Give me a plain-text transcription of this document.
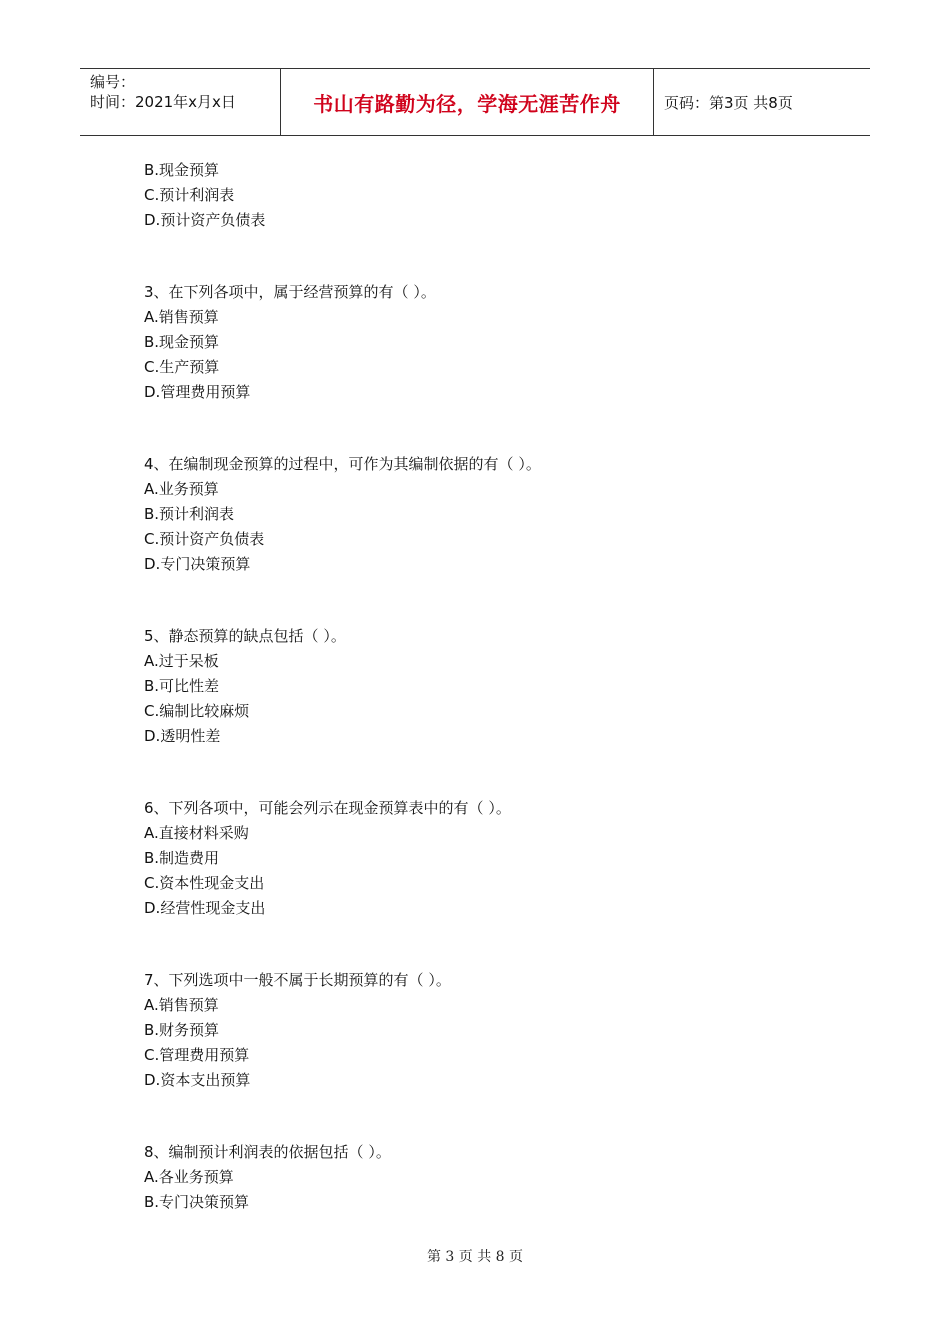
编号：
时间：2021年x月x日	书山有路勤为径，学海无涯苦作舟	页码：第3页 共8页
B.现金预算
C.预计利润表
D.预计资产负债表
3、在下列各项中，属于经营预算的有（ ）。
A.销售预算
B.现金预算
C.生产预算
D.管理费用预算
4、在编制现金预算的过程中，可作为其编制依据的有（ ）。
A.业务预算
B.预计利润表
C.预计资产负债表
D.专门决策预算
5、静态预算的缺点包括（ ）。
A.过于呆板
B.可比性差
C.编制比较麻烦
D.透明性差
6、下列各项中，可能会列示在现金预算表中的有（ ）。
A.直接材料采购
B.制造费用
C.资本性现金支出
D.经营性现金支出
7、下列选项中一般不属于长期预算的有（ ）。
A.销售预算
B.财务预算
C.管理费用预算
D.资本支出预算
8、编制预计利润表的依据包括（ ）。
A.各业务预算
B.专门决策预算
第 3 页 共 8 页
